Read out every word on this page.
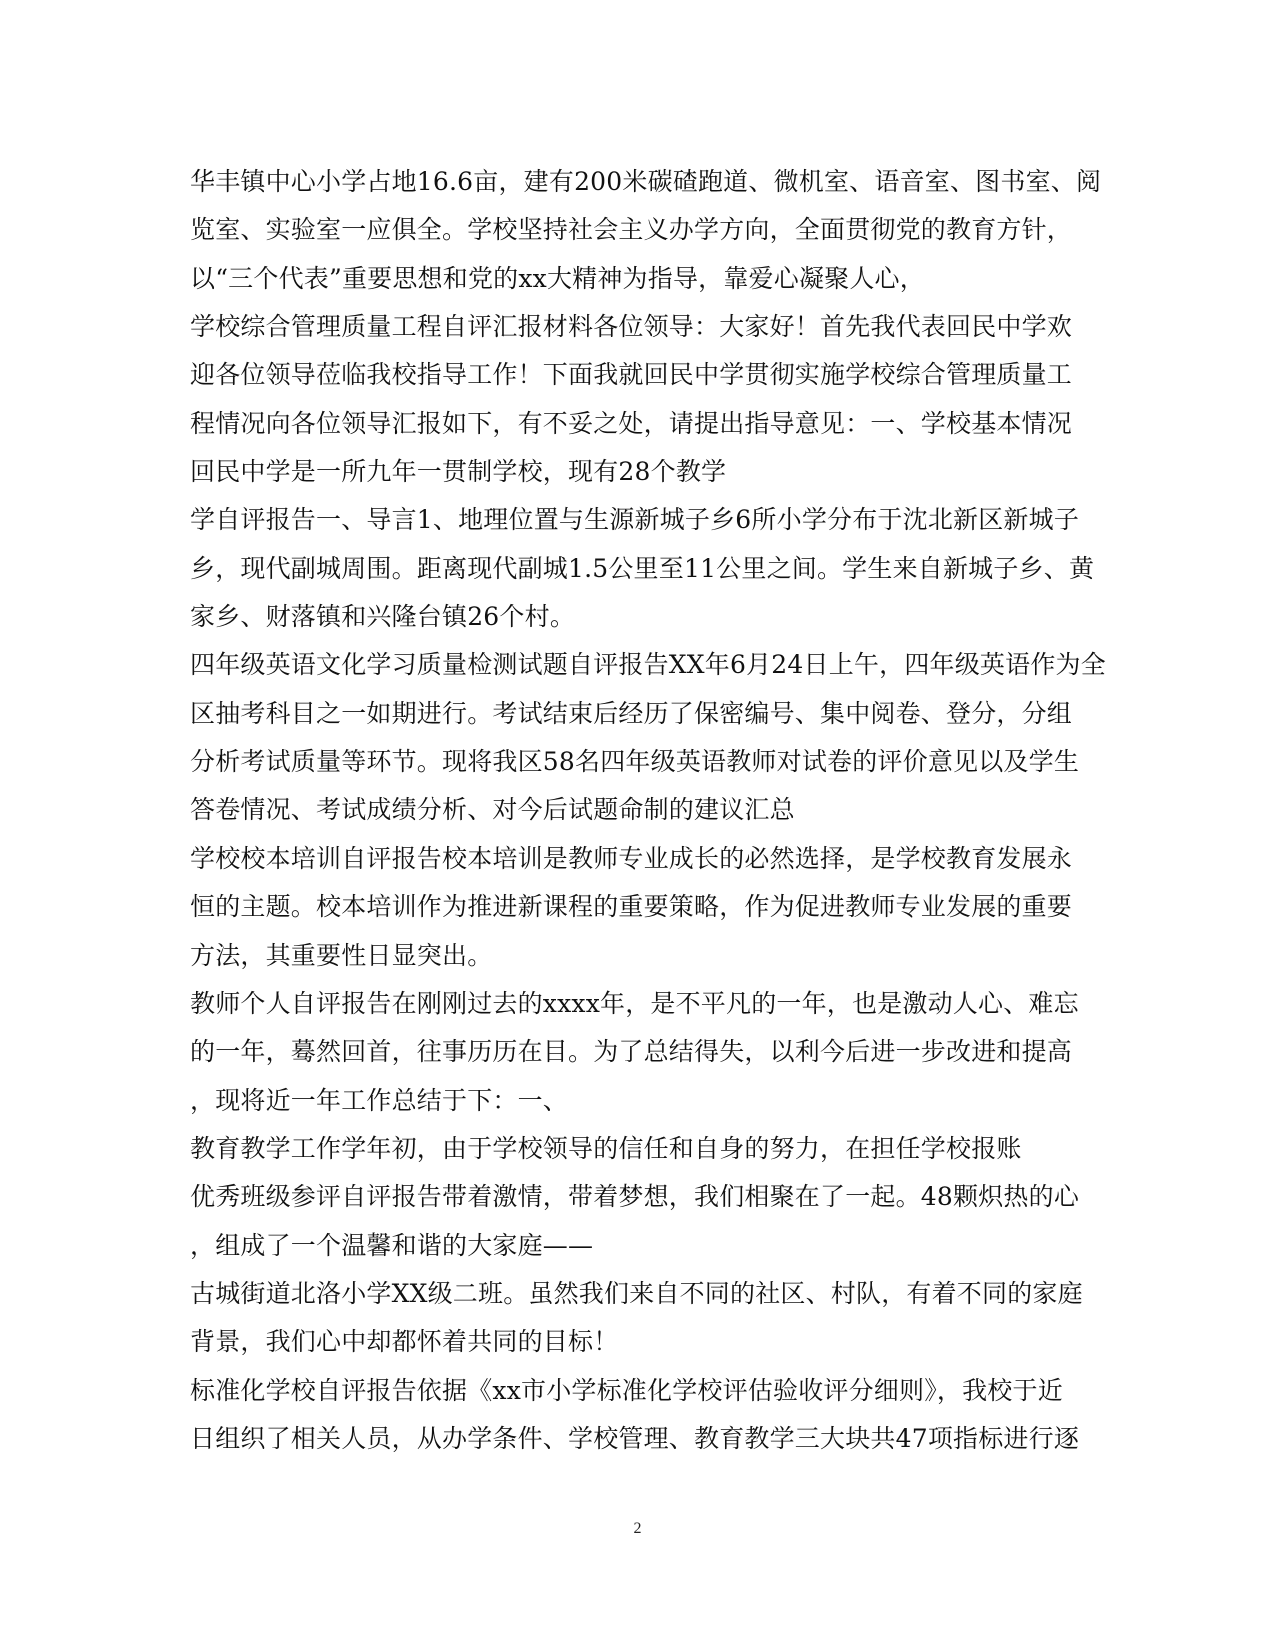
华丰镇中心小学占地16.6亩，建有200米碳碴跑道、微机室、语音室、图书室、阅
览室、实验室一应俱全。学校坚持社会主义办学方向，全面贯彻党的教育方针，
以“三个代表”重要思想和党的xx大精神为指导，靠爱心凝聚人心，
学校综合管理质量工程自评汇报材料各位领导：大家好！首先我代表回民中学欢
迎各位领导莅临我校指导工作！下面我就回民中学贯彻实施学校综合管理质量工
程情况向各位领导汇报如下，有不妥之处，请提出指导意见：一、学校基本情况
回民中学是一所九年一贯制学校，现有28个教学
学自评报告一、导言1、地理位置与生源新城子乡6所小学分布于沈北新区新城子
乡，现代副城周围。距离现代副城1.5公里至11公里之间。学生来自新城子乡、黄
家乡、财落镇和兴隆台镇26个村。
四年级英语文化学习质量检测试题自评报告XX年6月24日上午，四年级英语作为全
区抽考科目之一如期进行。考试结束后经历了保密编号、集中阅卷、登分，分组
分析考试质量等环节。现将我区58名四年级英语教师对试卷的评价意见以及学生
答卷情况、考试成绩分析、对今后试题命制的建议汇总
学校校本培训自评报告校本培训是教师专业成长的必然选择，是学校教育发展永
恒的主题。校本培训作为推进新课程的重要策略，作为促进教师专业发展的重要
方法，其重要性日显突出。
教师个人自评报告在刚刚过去的xxxx年，是不平凡的一年，也是激动人心、难忘
的一年，蓦然回首，往事历历在目。为了总结得失，以利今后进一步改进和提高
，现将近一年工作总结于下：一、
教育教学工作学年初，由于学校领导的信任和自身的努力，在担任学校报账
优秀班级参评自评报告带着激情，带着梦想，我们相聚在了一起。48颗炽热的心
，组成了一个温馨和谐的大家庭——
古城街道北洛小学XX级二班。虽然我们来自不同的社区、村队，有着不同的家庭
背景，我们心中却都怀着共同的目标！
标准化学校自评报告依据《xx市小学标准化学校评估验收评分细则》，我校于近
日组织了相关人员，从办学条件、学校管理、教育教学三大块共47项指标进行逐
2
